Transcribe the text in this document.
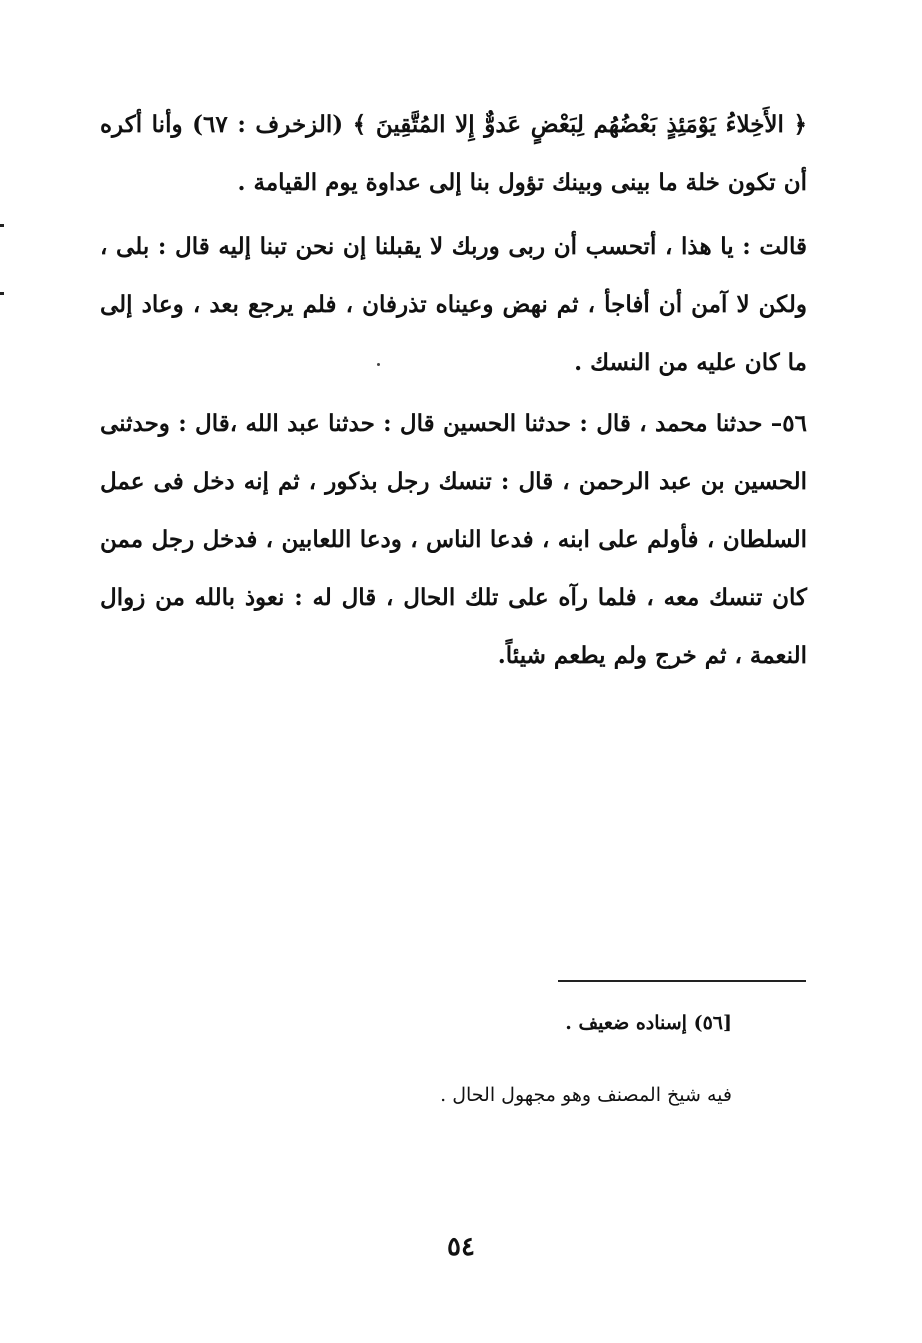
﴿ الأَخِلاءُ يَوْمَئِذٍ بَعْضُهُم لِبَعْضٍ عَدوٌّ إِلا المُتَّقِينَ ﴾ (الزخرف : ٦٧) وأنا أكره أن تكون خلة ما بينى وبينك تؤول بنا إلى عداوة يوم القيامة .
قالت : يا هذا ، أتحسب أن ربى وربك لا يقبلنا إن نحن تبنا إليه قال : بلى ، ولكن لا آمن أن أفاجأ ، ثم نهض وعيناه تذرفان ، فلم يرجع بعد ، وعاد إلى ما كان عليه من النسك .
٥٦– حدثنا محمد ، قال : حدثنا الحسين قال : حدثنا عبد الله ،قال : وحدثنى الحسين بن عبد الرحمن ، قال : تنسك رجل بذكور ، ثم إنه دخل فى عمل السلطان ، فأولم على ابنه ، فدعا الناس ، ودعا اللعابين ، فدخل رجل ممن كان تنسك معه ، فلما رآه على تلك الحال ، قال له : نعوذ بالله من زوال النعمة ، ثم خرج ولم يطعم شيئاً.
[٥٦) إسناده ضعيف .
فيه شيخ المصنف وهو مجهول الحال .
٥٤
